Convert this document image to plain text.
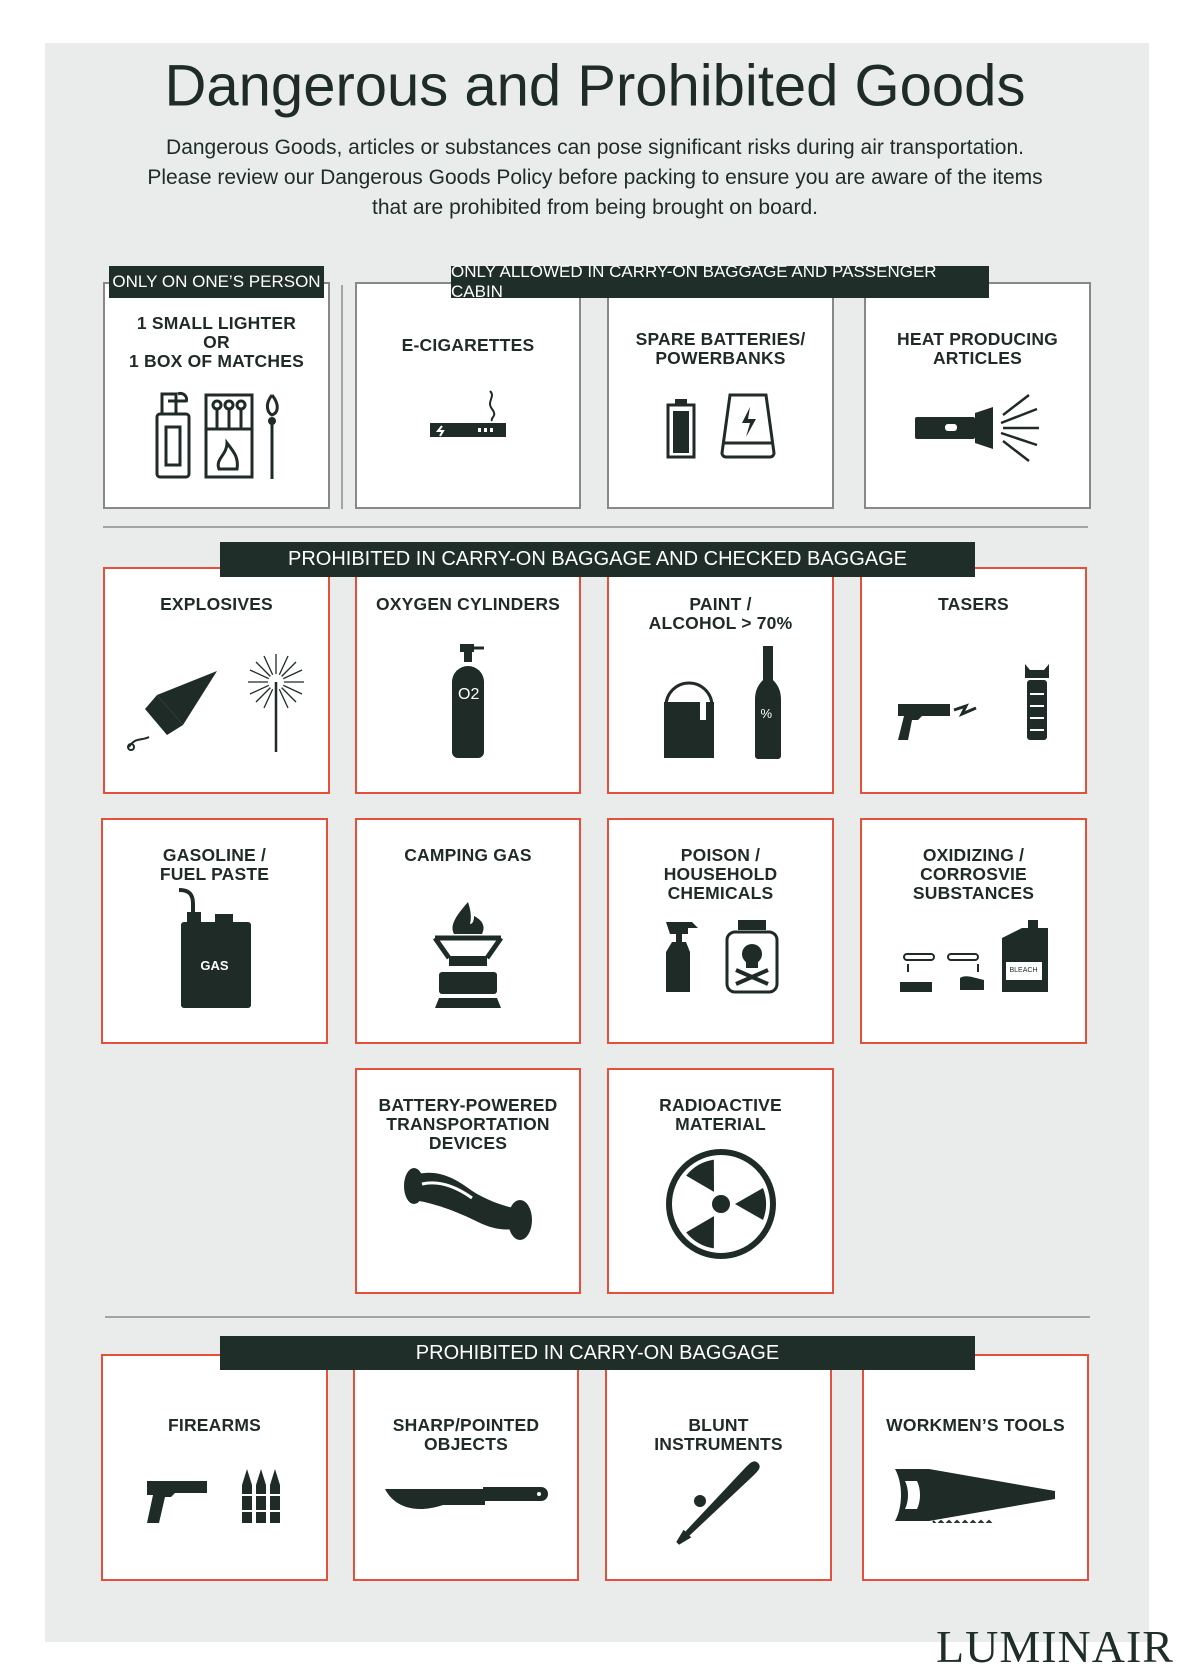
Dangerous and Prohibited Goods
Dangerous Goods, articles or substances can pose significant risks during air transportation.
Please review our Dangerous Goods Policy before packing to ensure you are aware of the items
that are prohibited from being brought on board.
ONLY ON ONE’S PERSON
ONLY ALLOWED IN CARRY-ON BAGGAGE AND PASSENGER CABIN
1 SMALL LIGHTER
OR
1 BOX OF MATCHES
E-CIGARETTES	SPARE BATTERIES/
POWERBANKS
HEAT PRODUCING
ARTICLES
PROHIBITED IN CARRY-ON BAGGAGE AND CHECKED BAGGAGE
EXPLOSIVES	OXYGEN CYLINDERS
O2
PAINT /
ALCOHOL > 70%
%
TASERS
GASOLINE /
FUEL PASTE
GAS
CAMPING GAS	POISON /
HOUSEHOLD
CHEMICALS
OXIDIZING /
CORROSVIE
SUBSTANCES
BLEACH
BATTERY-POWERED
TRANSPORTATION
DEVICES
RADIOACTIVE
MATERIAL
PROHIBITED IN CARRY-ON BAGGAGE
FIREARMS	SHARP/POINTED
OBJECTS
BLUNT
INSTRUMENTS
WORKMEN’S TOOLS
LUMINAIR
